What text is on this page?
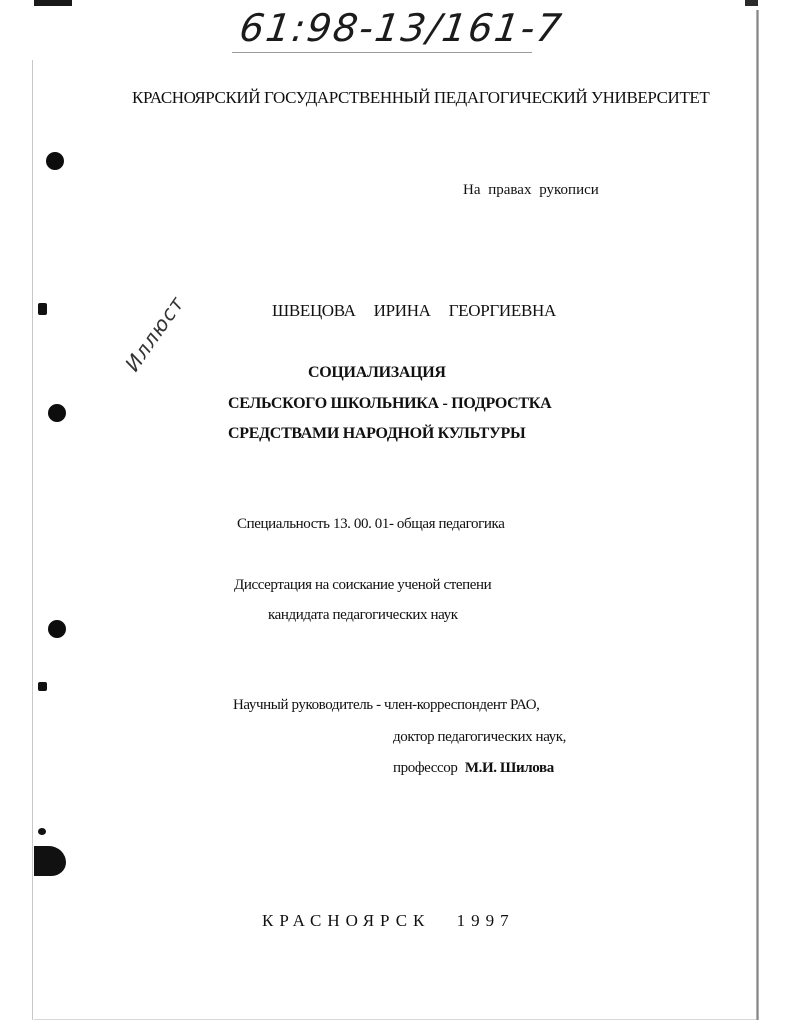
61:98-13/161-7
Иллюст
КРАСНОЯРСКИЙ ГОСУДАРСТВЕННЫЙ ПЕДАГОГИЧЕСКИЙ УНИВЕРСИТЕТ
На правах рукописи
ШВЕЦОВА ИРИНА ГЕОРГИЕВНА
СОЦИАЛИЗАЦИЯ
СЕЛЬСКОГО ШКОЛЬНИКА - ПОДРОСТКА
СРЕДСТВАМИ НАРОДНОЙ КУЛЬТУРЫ
Специальность 13. 00. 01- общая педагогика
Диссертация на соискание ученой степени
кандидата педагогических наук
Научный руководитель - член-корреспондент РАО,
доктор педагогических наук,
профессор М.И. Шилова
КРАСНОЯРСК 1997
